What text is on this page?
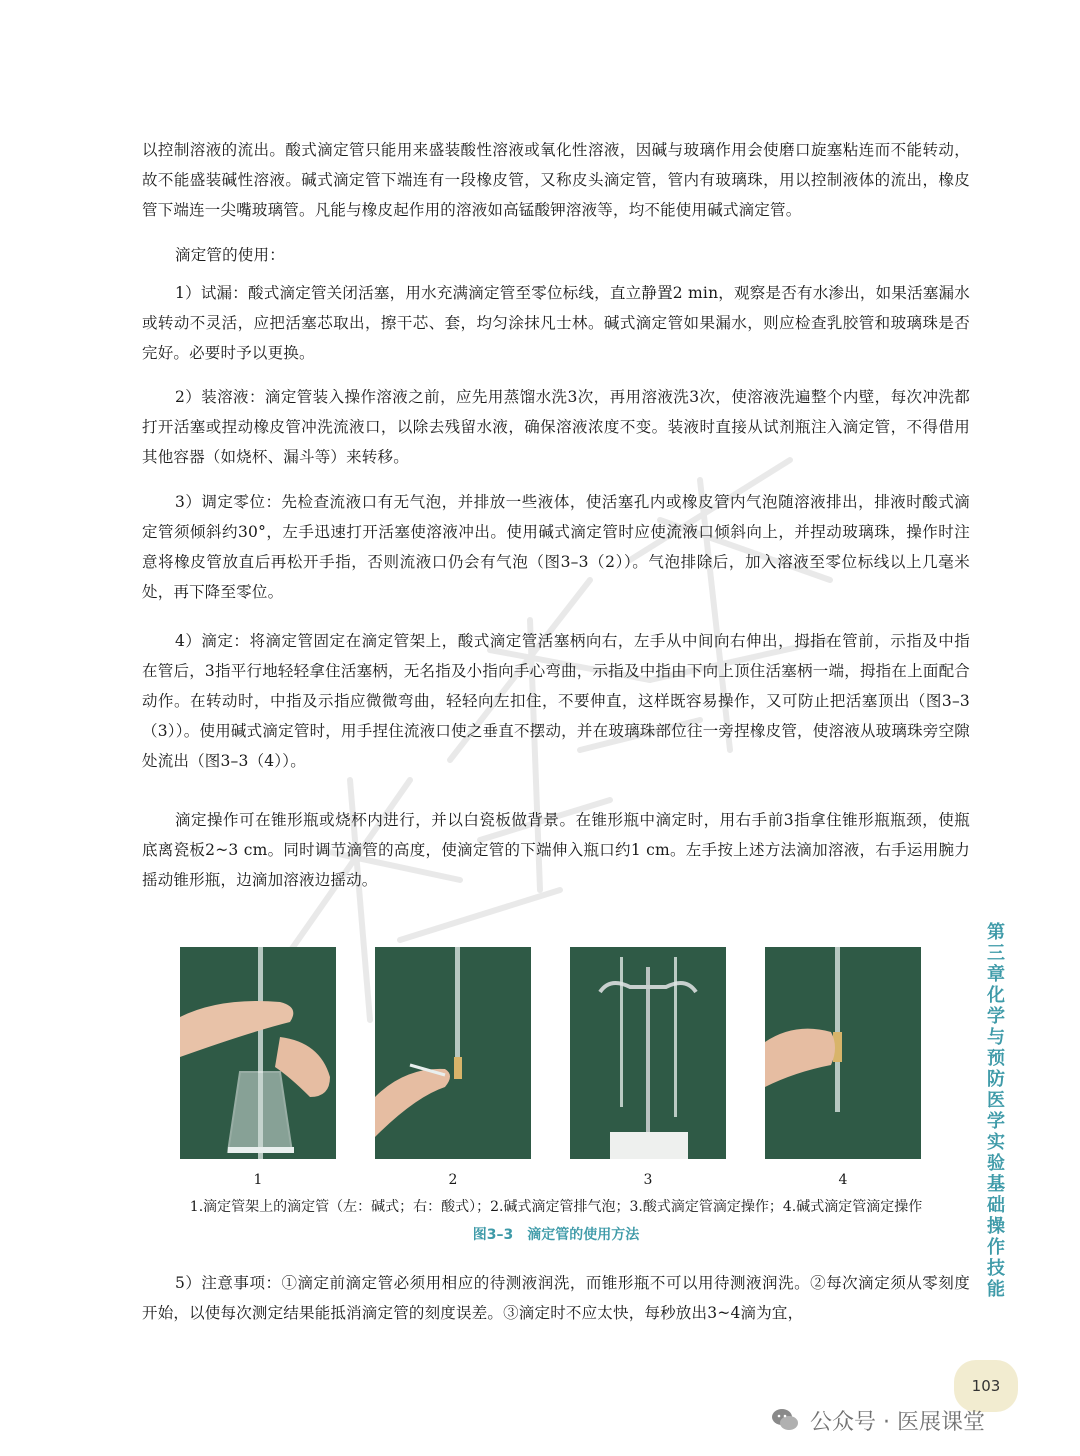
以控制溶液的流出。酸式滴定管只能用来盛装酸性溶液或氧化性溶液，因碱与玻璃作用会使磨口旋塞粘连而不能转动，故不能盛装碱性溶液。碱式滴定管下端连有一段橡皮管，又称皮头滴定管，管内有玻璃珠，用以控制液体的流出，橡皮管下端连一尖嘴玻璃管。凡能与橡皮起作用的溶液如高锰酸钾溶液等，均不能使用碱式滴定管。

滴定管的使用：

1）试漏：酸式滴定管关闭活塞，用水充满滴定管至零位标线，直立静置2 min，观察是否有水渗出，如果活塞漏水或转动不灵活，应把活塞芯取出，擦干芯、套，均匀涂抹凡士林。碱式滴定管如果漏水，则应检查乳胶管和玻璃珠是否完好。必要时予以更换。

2）装溶液：滴定管装入操作溶液之前，应先用蒸馏水洗3次，再用溶液洗3次，使溶液洗遍整个内壁，每次冲洗都打开活塞或捏动橡皮管冲洗流液口，以除去残留水液，确保溶液浓度不变。装液时直接从试剂瓶注入滴定管，不得借用其他容器（如烧杯、漏斗等）来转移。

3）调定零位：先检查流液口有无气泡，并排放一些液体，使活塞孔内或橡皮管内气泡随溶液排出，排液时酸式滴定管须倾斜约30°，左手迅速打开活塞使溶液冲出。使用碱式滴定管时应使流液口倾斜向上，并捏动玻璃珠，操作时注意将橡皮管放直后再松开手指，否则流液口仍会有气泡（图3–3（2））。气泡排除后，加入溶液至零位标线以上几毫米处，再下降至零位。

4）滴定：将滴定管固定在滴定管架上，酸式滴定管活塞柄向右，左手从中间向右伸出，拇指在管前，示指及中指在管后，3指平行地轻轻拿住活塞柄，无名指及小指向手心弯曲，示指及中指由下向上顶住活塞柄一端，拇指在上面配合动作。在转动时，中指及示指应微微弯曲，轻轻向左扣住，不要伸直，这样既容易操作，又可防止把活塞顶出（图3–3（3））。使用碱式滴定管时，用手捏住流液口使之垂直不摆动，并在玻璃珠部位往一旁捏橡皮管，使溶液从玻璃珠旁空隙处流出（图3–3（4））。

滴定操作可在锥形瓶或烧杯内进行，并以白瓷板做背景。在锥形瓶中滴定时，用右手前3指拿住锥形瓶瓶颈，使瓶底离瓷板2~3 cm。同时调节滴管的高度，使滴定管的下端伸入瓶口约1 cm。左手按上述方法滴加溶液，右手运用腕力摇动锥形瓶，边滴加溶液边摇动。

1	2	3	4
1.滴定管架上的滴定管（左：碱式；右：酸式）；2.碱式滴定管排气泡；3.酸式滴定管滴定操作；4.碱式滴定管滴定操作
图3–3　滴定管的使用方法

5）注意事项：①滴定前滴定管必须用相应的待测液润洗，而锥形瓶不可以用待测液润洗。②每次滴定须从零刻度开始，以使每次测定结果能抵消滴定管的刻度误差。③滴定时不应太快，每秒放出3~4滴为宜，

第三章　化学与预防医学实验基础操作技能
103
公众号 · 医展课堂
